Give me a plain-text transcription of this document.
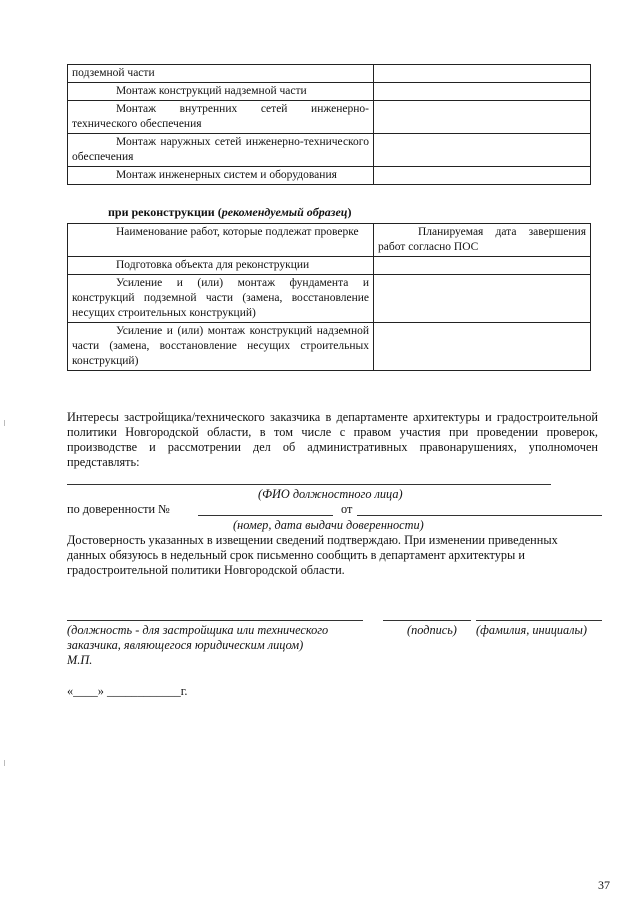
подземной части	
Монтаж конструкций надземной части	
Монтаж внутренних сетей инженерно-технического обеспечения	
Монтаж наружных сетей инженерно-технического обеспечения	
Монтаж инженерных систем и оборудования	
при реконструкции (рекомендуемый образец)
Наименование работ, которые подлежат проверке	Планируемая дата завершения работ согласно ПОС
Подготовка объекта для реконструкции	
Усиление и (или) монтаж фундамента и конструкций подземной части (замена, восстановление несущих строительных конструкций)	
Усиление и (или) монтаж конструкций надземной части (замена, восстановление несущих строительных конструкций)	
Интересы застройщика/технического заказчика в департаменте архитектуры и градостроительной политики Новгородской области, в том числе с правом участия при проведении проверок, производстве и рассмотрении дел об административных правонарушениях, уполномочен представлять:
(ФИО должностного лица)
по доверенности №	от
(номер, дата выдачи доверенности)
Достоверность указанных в извещении сведений подтверждаю. При изменении приведенных данных обязуюсь в недельный срок письменно сообщить в департамент архитектуры и градостроительной политики Новгородской области.
(должность - для застройщика или технического заказчика, являющегося юридическим лицом)
М.П.
(подпись) (фамилия, инициалы)
«____» ____________г.
37
